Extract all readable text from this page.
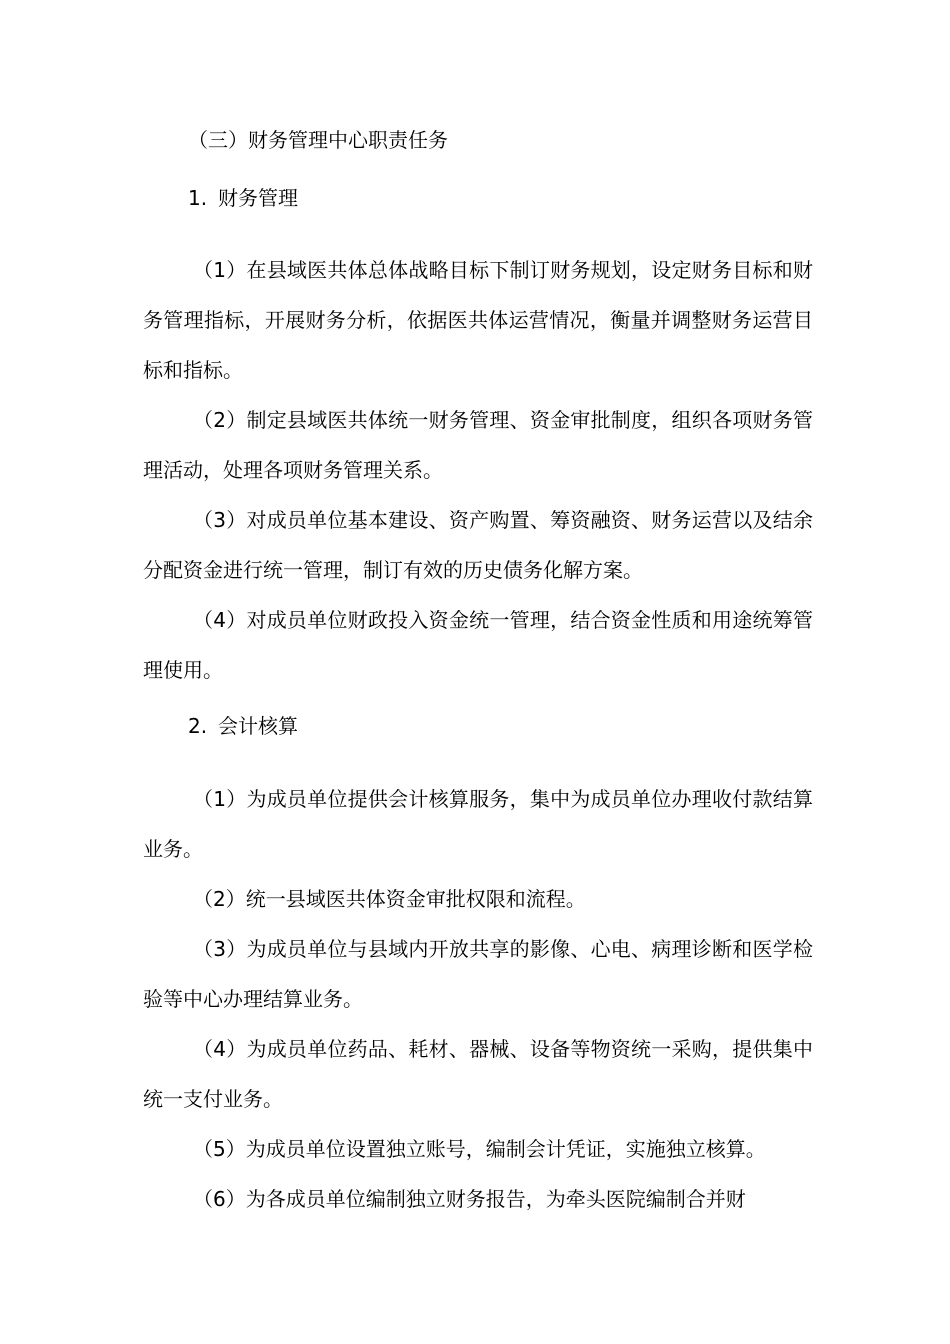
（三）财务管理中心职责任务
1. 财务管理
（1）在县域医共体总体战略目标下制订财务规划，设定财务目标和财务管理指标，开展财务分析，依据医共体运营情况，衡量并调整财务运营目标和指标。
（2）制定县域医共体统一财务管理、资金审批制度，组织各项财务管理活动，处理各项财务管理关系。
（3）对成员单位基本建设、资产购置、筹资融资、财务运营以及结余分配资金进行统一管理，制订有效的历史债务化解方案。
（4）对成员单位财政投入资金统一管理，结合资金性质和用途统筹管理使用。
2. 会计核算
（1）为成员单位提供会计核算服务，集中为成员单位办理收付款结算业务。
（2）统一县域医共体资金审批权限和流程。
（3）为成员单位与县域内开放共享的影像、心电、病理诊断和医学检验等中心办理结算业务。
（4）为成员单位药品、耗材、器械、设备等物资统一采购，提供集中统一支付业务。
（5）为成员单位设置独立账号，编制会计凭证，实施独立核算。
（6）为各成员单位编制独立财务报告，为牵头医院编制合并财
